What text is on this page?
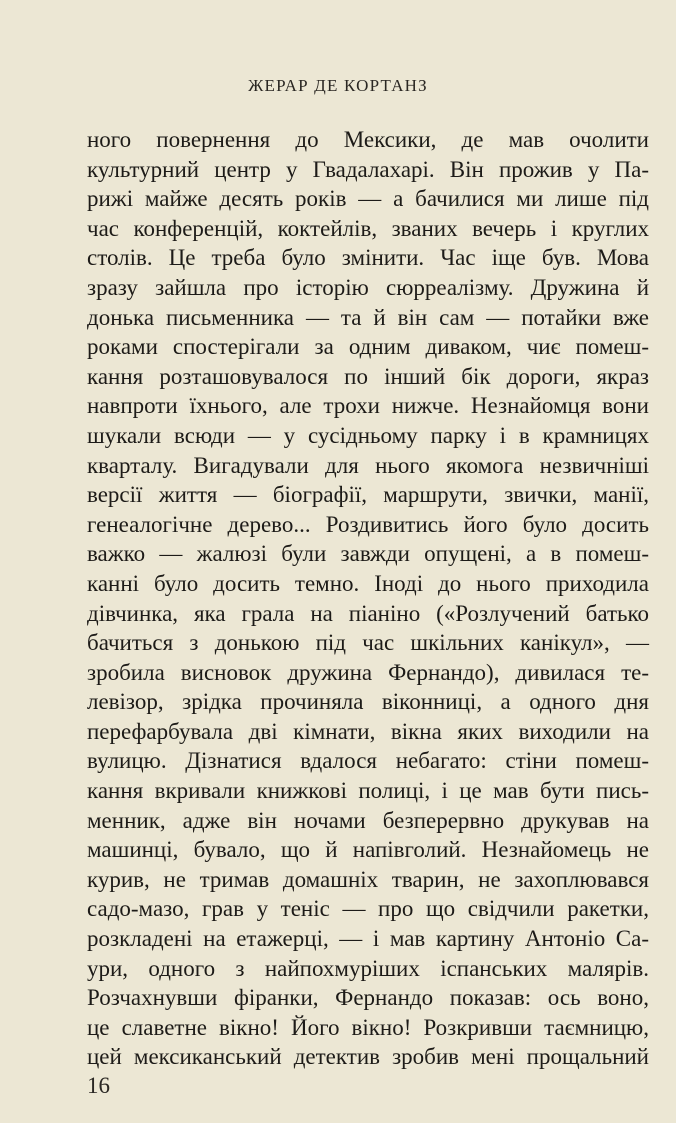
ЖЕРАР ДЕ КОРТАНЗ
ного повернення до Мексики, де мав очолити
культурний центр у Гвадалахарі. Він прожив у Па-
рижі майже десять років — а бачилися ми лише під
час конференцій, коктейлів, званих вечерь і круглих
столів. Це треба було змінити. Час іще був. Мова
зразу зайшла про історію сюрреалізму. Дружина й
донька письменника — та й він сам — потайки вже
роками спостерігали за одним диваком, чиє помеш-
кання розташовувалося по інший бік дороги, якраз
навпроти їхнього, але трохи нижче. Незнайомця вони
шукали всюди — у сусідньому парку і в крамницях
кварталу. Вигадували для нього якомога незвичніші
версії життя — біографії, маршрути, звички, манії,
генеалогічне дерево... Роздивитись його було досить
важко — жалюзі були завжди опущені, а в помеш-
канні було досить темно. Іноді до нього приходила
дівчинка, яка грала на піаніно («Розлучений батько
бачиться з донькою під час шкільних канікул», —
зробила висновок дружина Фернандо), дивилася те-
левізор, зрідка прочиняла віконниці, а одного дня
перефарбувала дві кімнати, вікна яких виходили на
вулицю. Дізнатися вдалося небагато: стіни помеш-
кання вкривали книжкові полиці, і це мав бути пись-
менник, адже він ночами безперервно друкував на
машинці, бувало, що й напівголий. Незнайомець не
курив, не тримав домашніх тварин, не захоплювався
садо-мазо, грав у теніс — про що свідчили ракетки,
розкладені на етажерці, — і мав картину Антоніо Са-
ури, одного з найпохмуріших іспанських малярів.
Розчахнувши фіранки, Фернандо показав: ось воно,
це славетне вікно! Його вікно! Розкривши таємницю,
цей мексиканський детектив зробив мені прощальний
16
